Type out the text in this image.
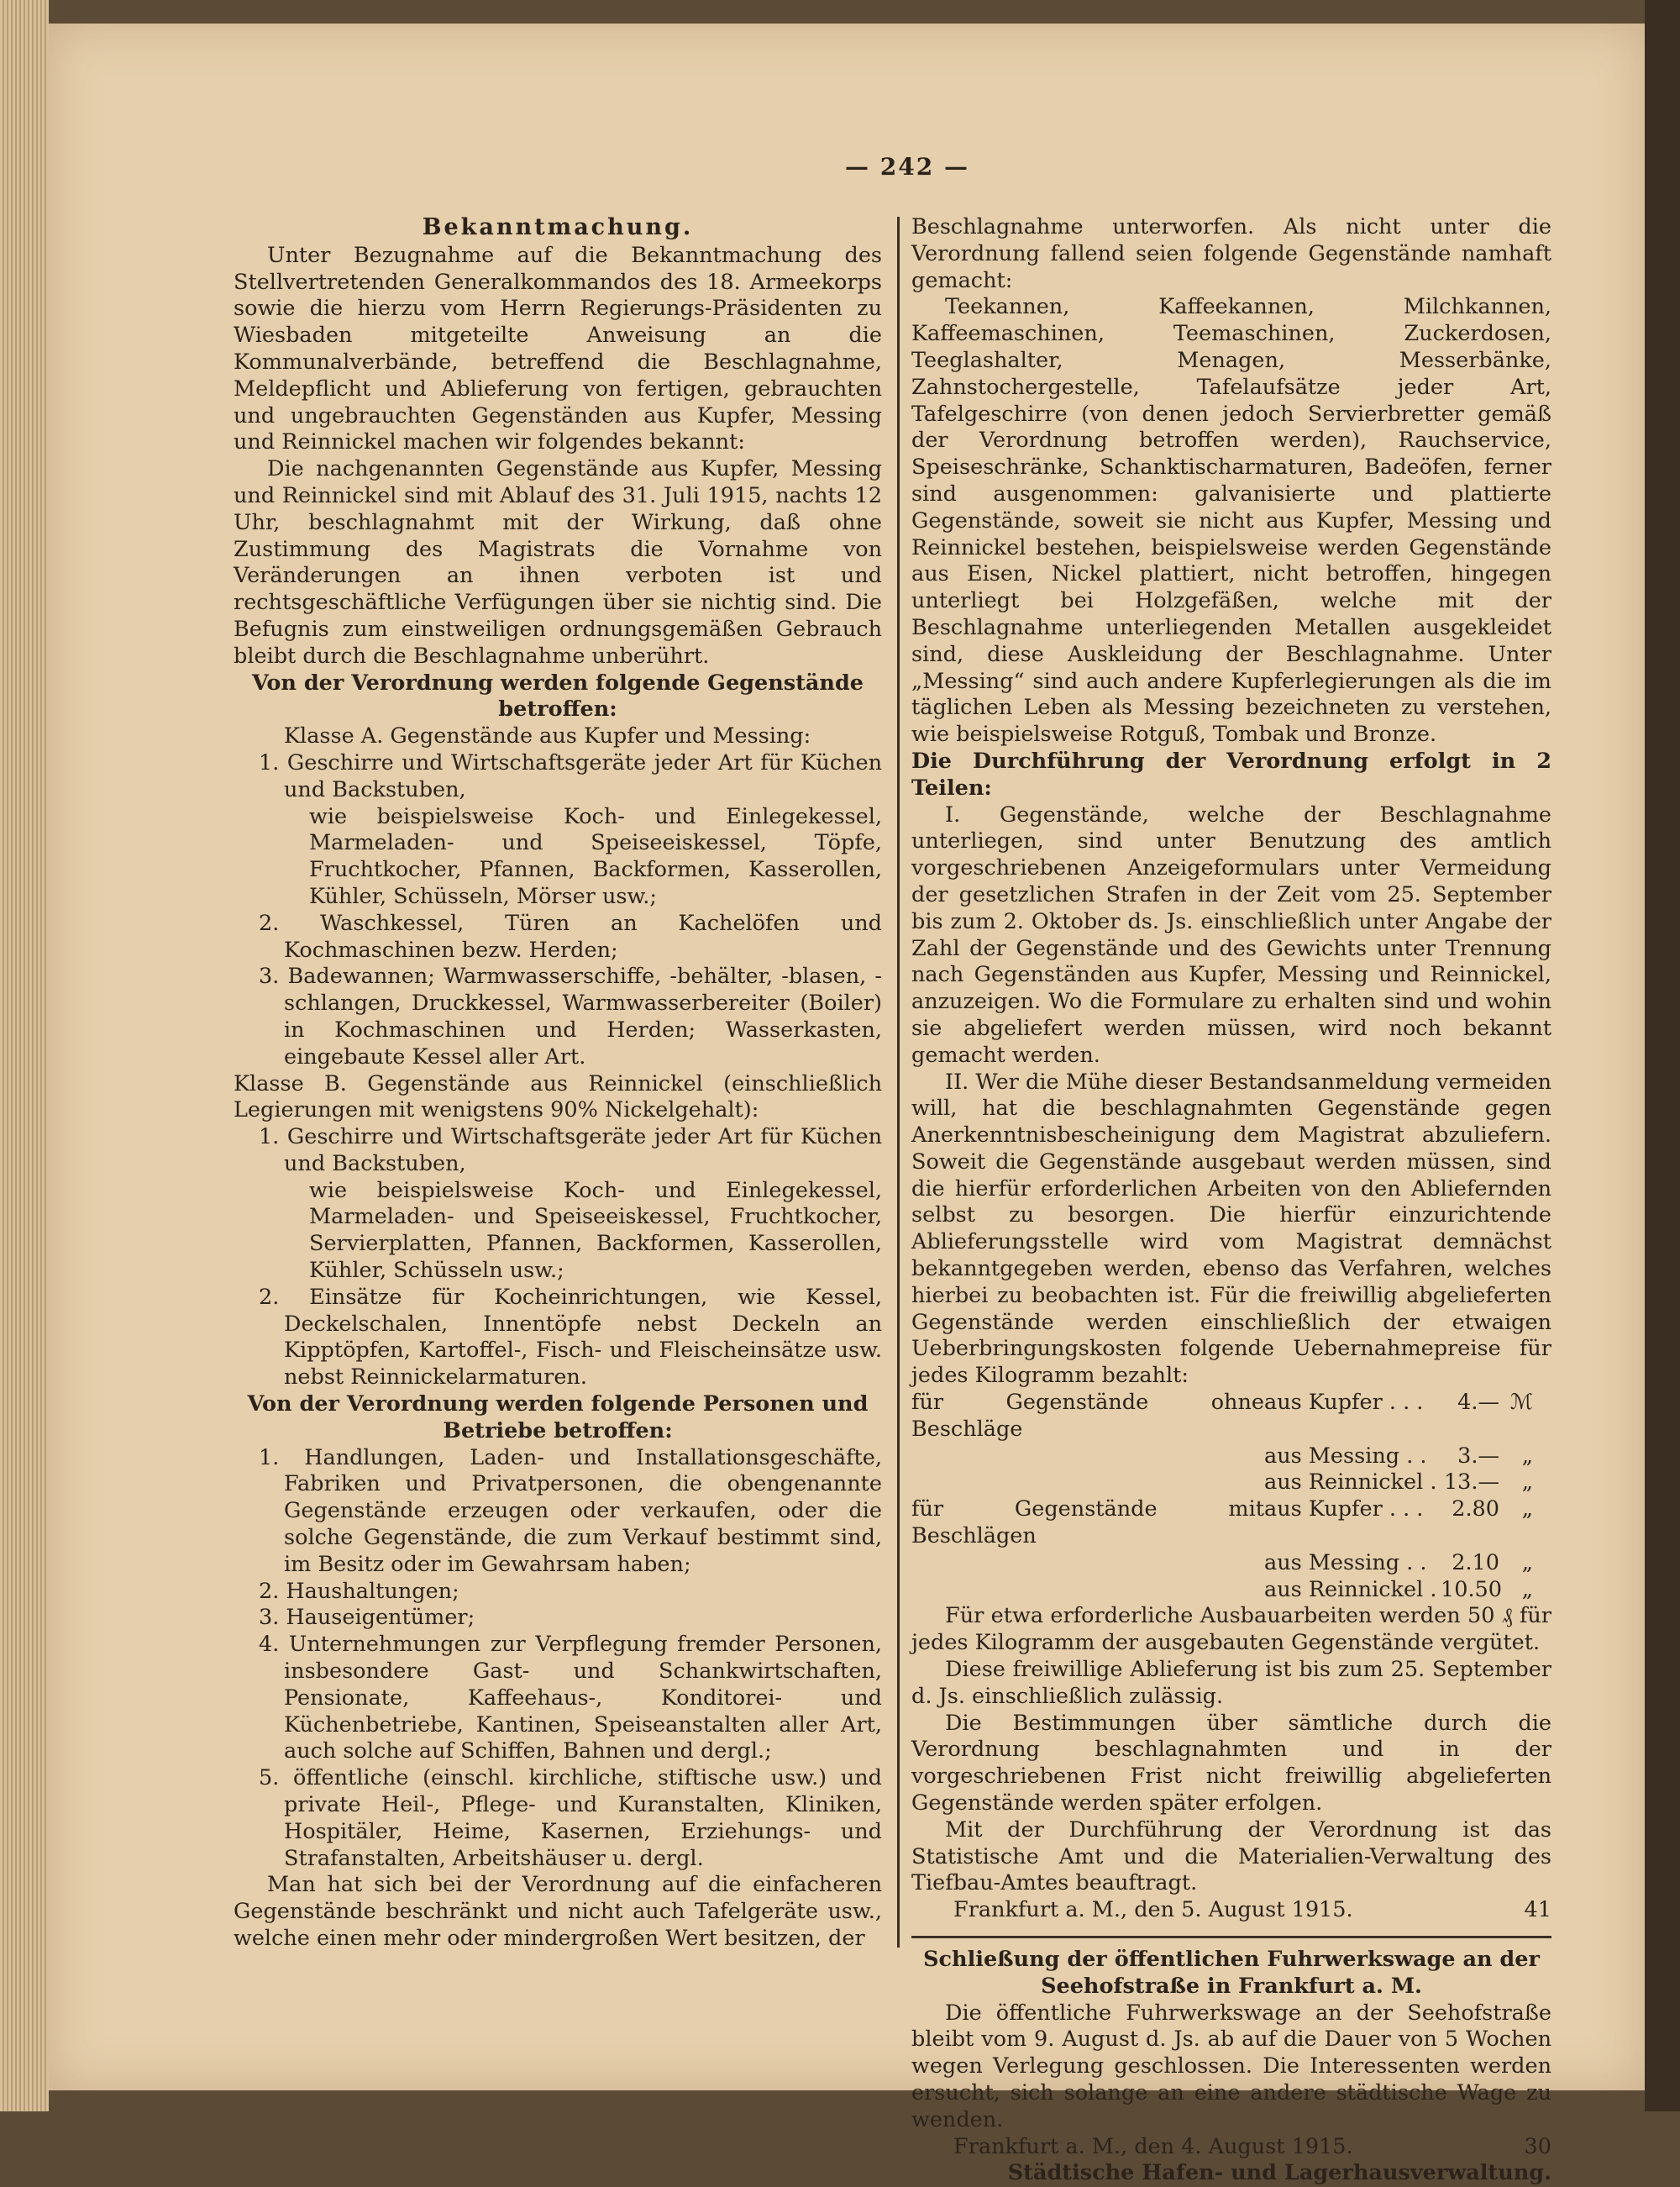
— 242 —

Bekanntmachung.

Unter Bezugnahme auf die Bekanntmachung des Stellvertretenden Generalkommandos des 18. Armeekorps sowie die hierzu vom Herrn Regierungs-Präsidenten zu Wiesbaden mitgeteilte Anweisung an die Kommunalverbände, betreffend die Beschlagnahme, Meldepflicht und Ablieferung von fertigen, gebrauchten und ungebrauchten Gegenständen aus Kupfer, Messing und Reinnickel machen wir folgendes bekannt:

Die nachgenannten Gegenstände aus Kupfer, Messing und Reinnickel sind mit Ablauf des 31. Juli 1915, nachts 12 Uhr, beschlagnahmt mit der Wirkung, daß ohne Zustimmung des Magistrats die Vornahme von Veränderungen an ihnen verboten ist und rechtsgeschäftliche Verfügungen über sie nichtig sind. Die Befugnis zum einstweiligen ordnungsgemäßen Gebrauch bleibt durch die Beschlagnahme unberührt.

Von der Verordnung werden folgende Gegenstände betroffen:

Klasse A. Gegenstände aus Kupfer und Messing:

1. Geschirre und Wirtschaftsgeräte jeder Art für Küchen und Backstuben,

wie beispielsweise Koch- und Einlegekessel, Marmeladen- und Speiseeiskessel, Töpfe, Fruchtkocher, Pfannen, Backformen, Kasserollen, Kühler, Schüsseln, Mörser usw.;

2. Waschkessel, Türen an Kachelöfen und Kochmaschinen bezw. Herden;

3. Badewannen; Warmwasserschiffe, -behälter, -blasen, -schlangen, Druckkessel, Warmwasserbereiter (Boiler) in Kochmaschinen und Herden; Wasserkasten, eingebaute Kessel aller Art.

Klasse B. Gegenstände aus Reinnickel (einschließlich Legierungen mit wenigstens 90% Nickelgehalt):

1. Geschirre und Wirtschaftsgeräte jeder Art für Küchen und Backstuben,

wie beispielsweise Koch- und Einlegekessel, Marmeladen- und Speiseeiskessel, Fruchtkocher, Servierplatten, Pfannen, Backformen, Kasserollen, Kühler, Schüsseln usw.;

2. Einsätze für Kocheinrichtungen, wie Kessel, Deckelschalen, Innentöpfe nebst Deckeln an Kipptöpfen, Kartoffel-, Fisch- und Fleischeinsätze usw. nebst Reinnickelarmaturen.

Von der Verordnung werden folgende Personen und Betriebe betroffen:

1. Handlungen, Laden- und Installationsgeschäfte, Fabriken und Privatpersonen, die obengenannte Gegenstände erzeugen oder verkaufen, oder die solche Gegenstände, die zum Verkauf bestimmt sind, im Besitz oder im Gewahrsam haben;

2. Haushaltungen;

3. Hauseigentümer;

4. Unternehmungen zur Verpflegung fremder Personen, insbesondere Gast- und Schankwirtschaften, Pensionate, Kaffeehaus-, Konditorei- und Küchenbetriebe, Kantinen, Speiseanstalten aller Art, auch solche auf Schiffen, Bahnen und dergl.;

5. öffentliche (einschl. kirchliche, stiftische usw.) und private Heil-, Pflege- und Kuranstalten, Kliniken, Hospitäler, Heime, Kasernen, Erziehungs- und Strafanstalten, Arbeitshäuser u. dergl.

Man hat sich bei der Verordnung auf die einfacheren Gegenstände beschränkt und nicht auch Tafelgeräte usw., welche einen mehr oder mindergroßen Wert besitzen, der

Beschlagnahme unterworfen. Als nicht unter die Verordnung fallend seien folgende Gegenstände namhaft gemacht:

Teekannen, Kaffeekannen, Milchkannen, Kaffeemaschinen, Teemaschinen, Zuckerdosen, Teeglashalter, Menagen, Messerbänke, Zahnstochergestelle, Tafelaufsätze jeder Art, Tafelgeschirre (von denen jedoch Servierbretter gemäß der Verordnung betroffen werden), Rauchservice, Speiseschränke, Schanktischarmaturen, Badeöfen, ferner sind ausgenommen: galvanisierte und plattierte Gegenstände, soweit sie nicht aus Kupfer, Messing und Reinnickel bestehen, beispielsweise werden Gegenstände aus Eisen, Nickel plattiert, nicht betroffen, hingegen unterliegt bei Holzgefäßen, welche mit der Beschlagnahme unterliegenden Metallen ausgekleidet sind, diese Auskleidung der Beschlagnahme. Unter „Messing“ sind auch andere Kupferlegierungen als die im täglichen Leben als Messing bezeichneten zu verstehen, wie beispielsweise Rotguß, Tombak und Bronze.

Die Durchführung der Verordnung erfolgt in 2 Teilen:

I. Gegenstände, welche der Beschlagnahme unterliegen, sind unter Benutzung des amtlich vorgeschriebenen Anzeigeformulars unter Vermeidung der gesetzlichen Strafen in der Zeit vom 25. September bis zum 2. Oktober ds. Js. einschließlich unter Angabe der Zahl der Gegenstände und des Gewichts unter Trennung nach Gegenständen aus Kupfer, Messing und Reinnickel, anzuzeigen. Wo die Formulare zu erhalten sind und wohin sie abgeliefert werden müssen, wird noch bekannt gemacht werden.

II. Wer die Mühe dieser Bestandsanmeldung vermeiden will, hat die beschlagnahmten Gegenstände gegen Anerkenntnisbescheinigung dem Magistrat abzuliefern. Soweit die Gegenstände ausgebaut werden müssen, sind die hierfür erforderlichen Arbeiten von den Abliefernden selbst zu besorgen. Die hierfür einzurichtende Ablieferungsstelle wird vom Magistrat demnächst bekanntgegeben werden, ebenso das Verfahren, welches hierbei zu beobachten ist. Für die freiwillig abgelieferten Gegenstände werden einschließlich der etwaigen Ueberbringungskosten folgende Uebernahmepreise für jedes Kilogramm bezahlt:

für Gegenstände ohne Beschläge
aus Kupfer . . .	4.— ℳ
aus Messing . .	3.—	„
aus Reinnickel . 13.—	„
für Gegenstände mit Beschlägen
aus Kupfer . . .	2.80	„
aus Messing . .	2.10	„
aus Reinnickel . 10.50 „

Für etwa erforderliche Ausbauarbeiten werden 50 ₰ für jedes Kilogramm der ausgebauten Gegenstände vergütet.

Diese freiwillige Ablieferung ist bis zum 25. September d. Js. einschließlich zulässig.

Die Bestimmungen über sämtliche durch die Verordnung beschlagnahmten und in der vorgeschriebenen Frist nicht freiwillig abgelieferten Gegenstände werden später erfolgen.

Mit der Durchführung der Verordnung ist das Statistische Amt und die Materialien-Verwaltung des Tiefbau-Amtes beauftragt.

Frankfurt a. M., den 5. August 1915.	41

Schließung der öffentlichen Fuhrwerkswage an der Seehofstraße in Frankfurt a. M.

Die öffentliche Fuhrwerkswage an der Seehofstraße bleibt vom 9. August d. Js. ab auf die Dauer von 5 Wochen wegen Verlegung geschlossen. Die Interessenten werden ersucht, sich solange an eine andere städtische Wage zu wenden.

Frankfurt a. M., den 4. August 1915.	30

Städtische Hafen- und Lagerhausverwaltung.
